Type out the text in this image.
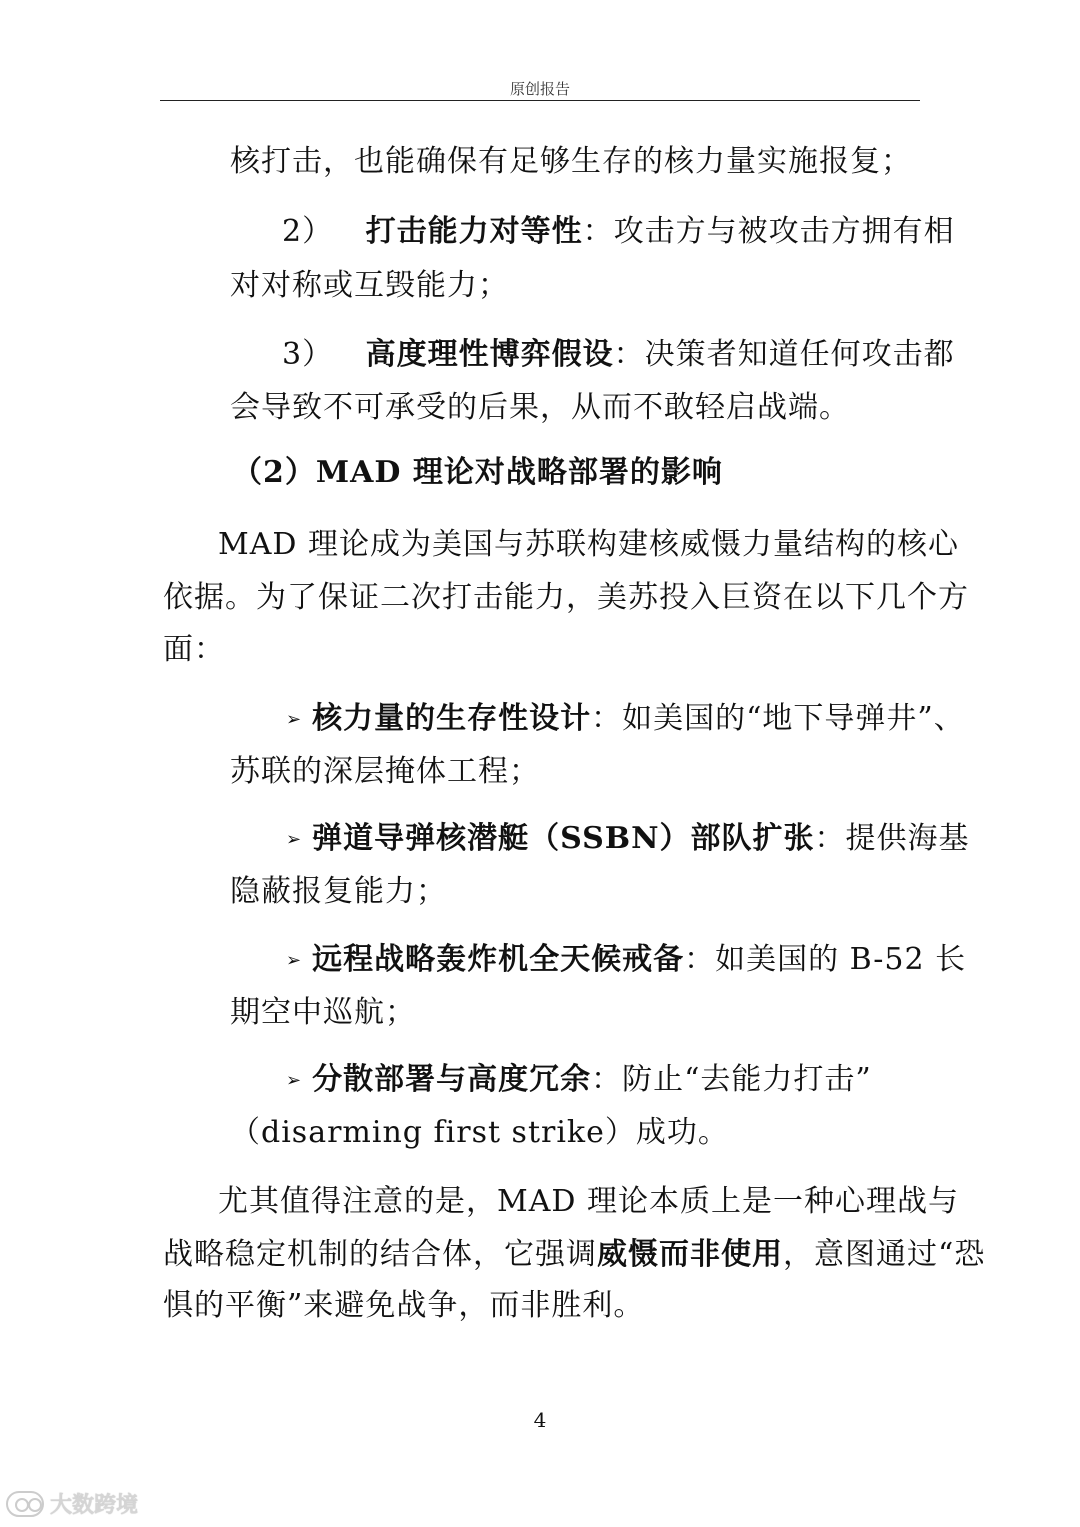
原创报告
核打击，也能确保有足够生存的核力量实施报复；
2） 打击能力对等性：攻击方与被攻击方拥有相
对对称或互毁能力；
3） 高度理性博弈假设：决策者知道任何攻击都
会导致不可承受的后果，从而不敢轻启战端。
（2）MAD 理论对战略部署的影响
MAD 理论成为美国与苏联构建核威慑力量结构的核心
依据。为了保证二次打击能力，美苏投入巨资在以下几个方
面：
➢ 核力量的生存性设计：如美国的“地下导弹井”、
苏联的深层掩体工程；
➢ 弹道导弹核潜艇（SSBN）部队扩张：提供海基
隐蔽报复能力；
➢ 远程战略轰炸机全天候戒备：如美国的 B-52 长
期空中巡航；
➢ 分散部署与高度冗余：防止“去能力打击”
（disarming first strike）成功。
尤其值得注意的是，MAD 理论本质上是一种心理战与
战略稳定机制的结合体，它强调威慑而非使用，意图通过“恐
惧的平衡”来避免战争，而非胜利。
4
大数跨境
